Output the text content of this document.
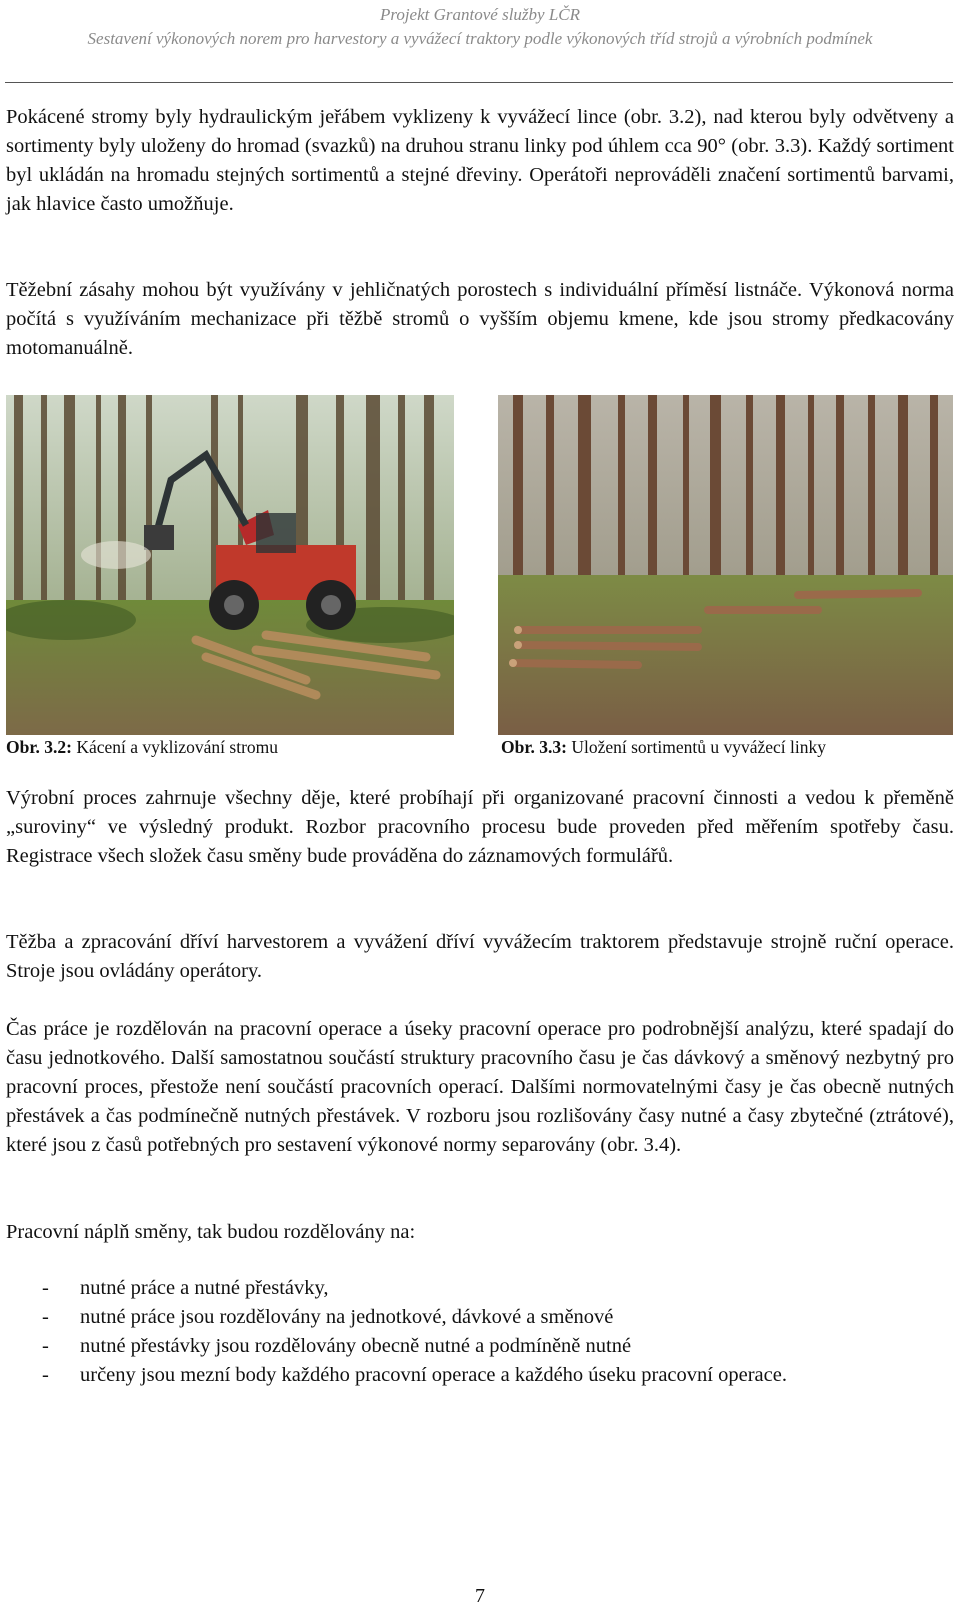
Projekt Grantové služby LČR
Sestavení výkonových norem pro harvestory a vyvážecí traktory podle výkonových tříd strojů a výrobních podmínek

Pokácené stromy byly hydraulickým jeřábem vyklizeny k vyvážecí lince (obr. 3.2), nad kterou byly odvětveny a sortimenty byly uloženy do hromad (svazků) na druhou stranu linky pod úhlem cca 90° (obr. 3.3). Každý sortiment byl ukládán na hromadu stejných sortimentů a stejné dřeviny. Operátoři neprováděli značení sortimentů barvami, jak hlavice často umožňuje.

Těžební zásahy mohou být využívány v jehličnatých porostech s individuální příměsí listnáče. Výkonová norma počítá s využíváním mechanizace při těžbě stromů o vyšším objemu kmene, kde jsou stromy předkacovány motomanuálně.

Obr. 3.2: Kácení a vyklizování stromu	Obr. 3.3: Uložení sortimentů u vyvážecí linky

Výrobní proces zahrnuje všechny děje, které probíhají při organizované pracovní činnosti a vedou k přeměně „suroviny“ ve výsledný produkt. Rozbor pracovního procesu bude proveden před měřením spotřeby času. Registrace všech složek času směny bude prováděna do záznamových formulářů.

Těžba a zpracování dříví harvestorem a vyvážení dříví vyvážecím traktorem představuje strojně ruční operace. Stroje jsou ovládány operátory.

Čas práce je rozdělován na pracovní operace a úseky pracovní operace pro podrobnější analýzu, které spadají do času jednotkového. Další samostatnou součástí struktury pracovního času je čas dávkový a směnový nezbytný pro pracovní proces, přestože není součástí pracovních operací. Dalšími normovatelnými časy je čas obecně nutných přestávek a čas podmínečně nutných přestávek. V rozboru jsou rozlišovány časy nutné a časy zbytečné (ztrátové), které jsou z časů potřebných pro sestavení výkonové normy separovány (obr. 3.4).

Pracovní náplň směny, tak budou rozdělovány na:

- nutné práce a nutné přestávky,
- nutné práce jsou rozdělovány na jednotkové, dávkové a směnové
- nutné přestávky jsou rozdělovány obecně nutné a podmíněně nutné
- určeny jsou mezní body každého pracovní operace a každého úseku pracovní operace.
7
